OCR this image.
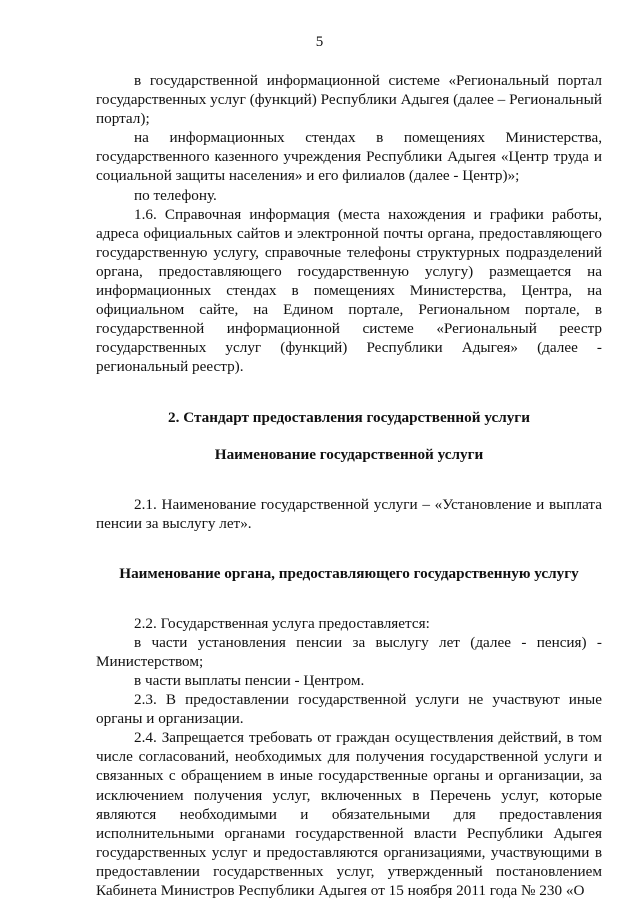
5

в государственной информационной системе «Региональный портал государственных услуг (функций) Республики Адыгея (далее – Региональный портал);

на информационных стендах в помещениях Министерства, государственного казенного учреждения Республики Адыгея «Центр труда и социальной защиты населения» и его филиалов (далее - Центр)»;

по телефону.

1.6. Справочная информация (места нахождения и графики работы, адреса официальных сайтов и электронной почты органа, предоставляющего государственную услугу, справочные телефоны структурных подразделений органа, предоставляющего государственную услугу) размещается на информационных стендах в помещениях Министерства, Центра, на официальном сайте, на Едином портале, Региональном портале, в государственной информационной системе «Региональный реестр государственных услуг (функций) Республики Адыгея» (далее - региональный реестр).

2. Стандарт предоставления государственной услуги

Наименование государственной услуги

2.1. Наименование государственной услуги – «Установление и выплата пенсии за выслугу лет».

Наименование органа, предоставляющего государственную услугу

2.2. Государственная услуга предоставляется:

в части установления пенсии за выслугу лет (далее - пенсия) - Министерством;

в части выплаты пенсии - Центром.

2.3. В предоставлении государственной услуги не участвуют иные органы и организации.

2.4. Запрещается требовать от граждан осуществления действий, в том числе согласований, необходимых для получения государственной услуги и связанных с обращением в иные государственные органы и организации, за исключением получения услуг, включенных в Перечень услуг, которые являются необходимыми и обязательными для предоставления исполнительными органами государственной власти Республики Адыгея государственных услуг и предоставляются организациями, участвующими в предоставлении государственных услуг, утвержденный постановлением Кабинета Министров Республики Адыгея от 15 ноября 2011 года № 230 «О
